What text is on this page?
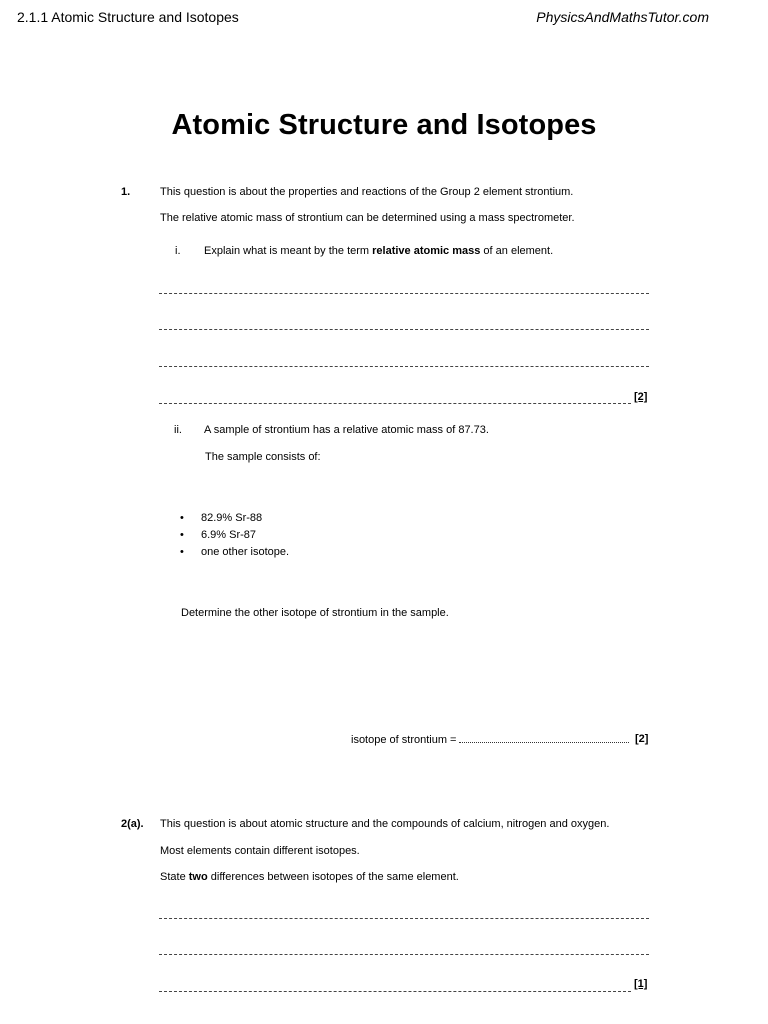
2.1.1 Atomic Structure and Isotopes	PhysicsAndMathsTutor.com
Atomic Structure and Isotopes
1.	This question is about the properties and reactions of the Group 2 element strontium.
The relative atomic mass of strontium can be determined using a mass spectrometer.
i. Explain what is meant by the term relative atomic mass of an element.
[2]
ii. A sample of strontium has a relative atomic mass of 87.73.
The sample consists of:
• 82.9% Sr-88
• 6.9% Sr-87
• one other isotope.
Determine the other isotope of strontium in the sample.
isotope of strontium =	[2]
2(a). This question is about atomic structure and the compounds of calcium, nitrogen and oxygen.
Most elements contain different isotopes.
State two differences between isotopes of the same element.
[1]
